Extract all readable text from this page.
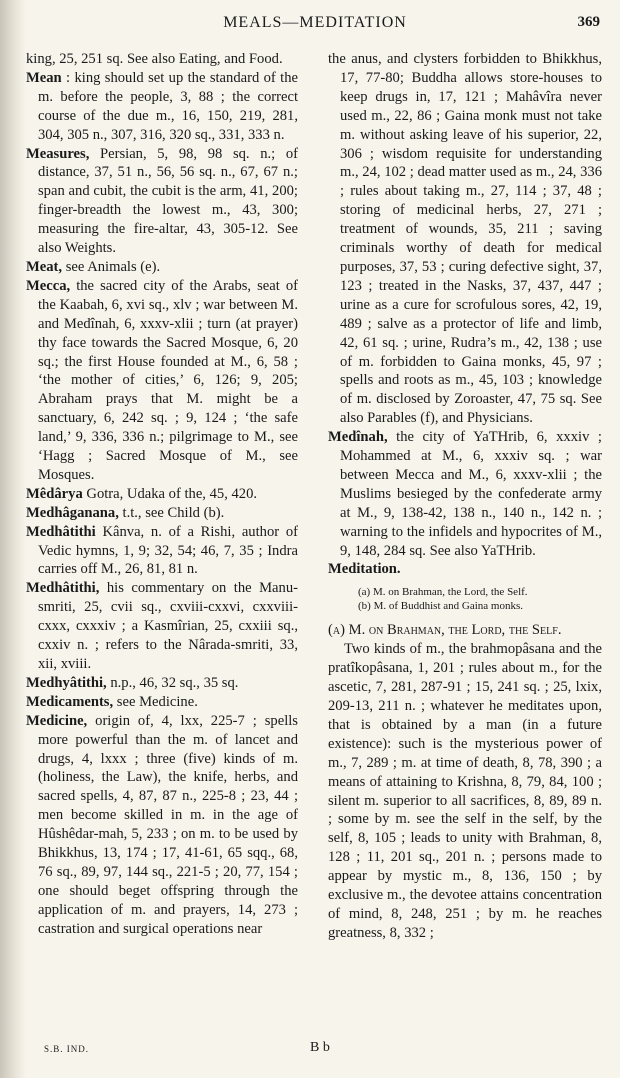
MEALS—MEDITATION	369

king, 25, 251 sq. See also Eating, and Food.

Mean : king should set up the standard of the m. before the people, 3, 88 ; the correct course of the due m., 16, 150, 219, 281, 304, 305 n., 307, 316, 320 sq., 331, 333 n.

Measures, Persian, 5, 98, 98 sq. n.; of distance, 37, 51 n., 56, 56 sq. n., 67, 67 n.; span and cubit, the cubit is the arm, 41, 200; finger-breadth the lowest m., 43, 300; measuring the fire-altar, 43, 305-12. See also Weights.

Meat, see Animals (e).

Mecca, the sacred city of the Arabs, seat of the Kaabah, 6, xvi sq., xlv ; war between M. and Medînah, 6, xxxv-xlii ; turn (at prayer) thy face towards the Sacred Mosque, 6, 20 sq.; the first House founded at M., 6, 58 ; ‘the mother of cities,’ 6, 126; 9, 205; Abraham prays that M. might be a sanctuary, 6, 242 sq. ; 9, 124 ; ‘the safe land,’ 9, 336, 336 n.; pilgrimage to M., see ‘Hagg ; Sacred Mosque of M., see Mosques.

Mêdârya Gotra, Udaka of the, 45, 420.

Medhâganana, t.t., see Child (b).

Medhâtithi Kânva, n. of a Rishi, author of Vedic hymns, 1, 9; 32, 54; 46, 7, 35 ; Indra carries off M., 26, 81, 81 n.

Medhâtithi, his commentary on the Manu-smriti, 25, cvii sq., cxviii-cxxvi, cxxviii-cxxx, cxxxiv ; a Kasmîrian, 25, cxxiii sq., cxxiv n. ; refers to the Nârada-smriti, 33, xii, xviii.

Medhyâtithi, n.p., 46, 32 sq., 35 sq.

Medicaments, see Medicine.

Medicine, origin of, 4, lxx, 225-7 ; spells more powerful than the m. of lancet and drugs, 4, lxxx ; three (five) kinds of m. (holiness, the Law), the knife, herbs, and sacred spells, 4, 87, 87 n., 225-8 ; 23, 44 ; men become skilled in m. in the age of Hûshêdar-mah, 5, 233 ; on m. to be used by Bhikkhus, 13, 174 ; 17, 41-61, 65 sqq., 68, 76 sq., 89, 97, 144 sq., 221-5 ; 20, 77, 154 ; one should beget offspring through the application of m. and prayers, 14, 273 ; castration and surgical operations near

the anus, and clysters forbidden to Bhikkhus, 17, 77-80; Buddha allows store-houses to keep drugs in, 17, 121 ; Mahâvîra never used m., 22, 86 ; Gaina monk must not take m. without asking leave of his superior, 22, 306 ; wisdom requisite for understanding m., 24, 102 ; dead matter used as m., 24, 336 ; rules about taking m., 27, 114 ; 37, 48 ; storing of medicinal herbs, 27, 271 ; treatment of wounds, 35, 211 ; saving criminals worthy of death for medical purposes, 37, 53 ; curing defective sight, 37, 123 ; treated in the Nasks, 37, 437, 447 ; urine as a cure for scrofulous sores, 42, 19, 489 ; salve as a protector of life and limb, 42, 61 sq. ; urine, Rudra’s m., 42, 138 ; use of m. forbidden to Gaina monks, 45, 97 ; spells and roots as m., 45, 103 ; knowledge of m. disclosed by Zoroaster, 47, 75 sq. See also Parables (f), and Physicians.

Medînah, the city of YaTHrib, 6, xxxiv ; Mohammed at M., 6, xxxiv sq. ; war between Mecca and M., 6, xxxv-xlii ; the Muslims besieged by the confederate army at M., 9, 138-42, 138 n., 140 n., 142 n. ; warning to the infidels and hypocrites of M., 9, 148, 284 sq. See also YaTHrib.

Meditation.

(a) M. on Brahman, the Lord, the Self.
(b) M. of Buddhist and Gaina monks.

(a) M. on Brahman, the Lord, the Self.

Two kinds of m., the brahmopâsana and the pratîkopâsana, 1, 201 ; rules about m., for the ascetic, 7, 281, 287-91 ; 15, 241 sq. ; 25, lxix, 209-13, 211 n. ; whatever he meditates upon, that is obtained by a man (in a future existence): such is the mysterious power of m., 7, 289 ; m. at time of death, 8, 78, 390 ; a means of attaining to Krishna, 8, 79, 84, 100 ; silent m. superior to all sacrifices, 8, 89, 89 n. ; some by m. see the self in the self, by the self, 8, 105 ; leads to unity with Brahman, 8, 128 ; 11, 201 sq., 201 n. ; persons made to appear by mystic m., 8, 136, 150 ; by exclusive m., the devotee attains concentration of mind, 8, 248, 251 ; by m. he reaches greatness, 8, 332 ;

S.B. IND.	B b
